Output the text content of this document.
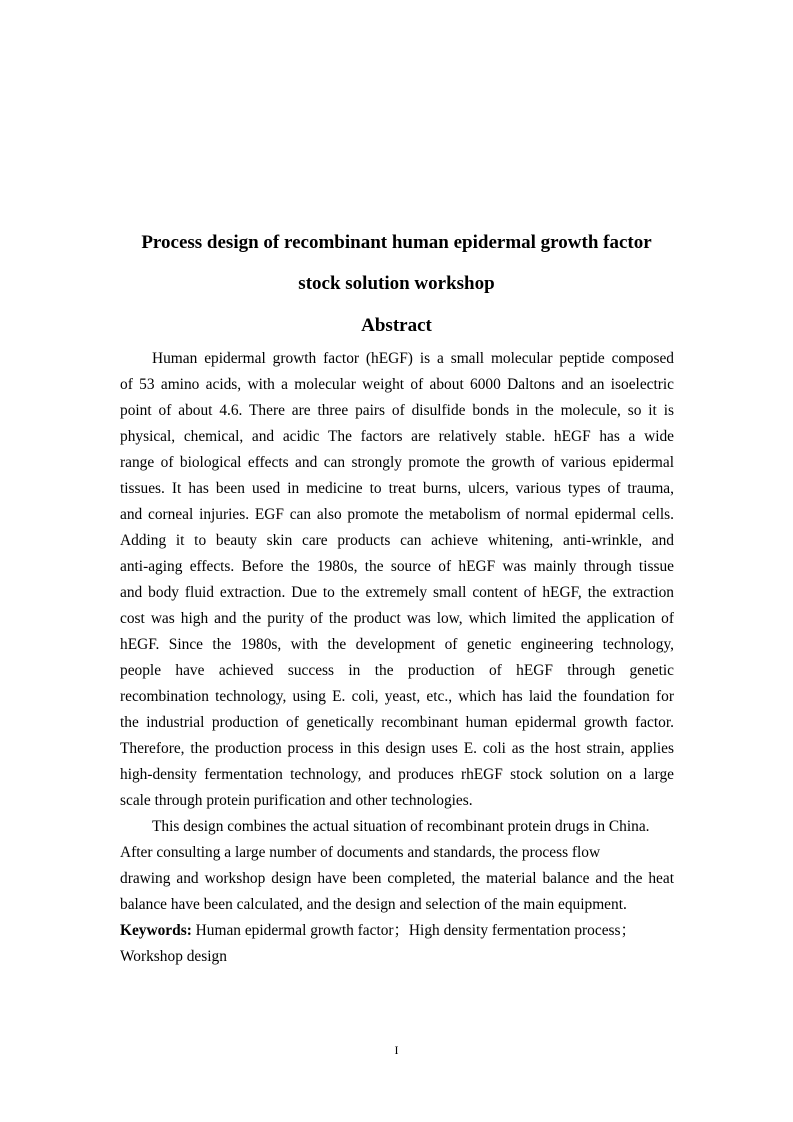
Process design of recombinant human epidermal growth factor
stock solution workshop
Abstract
Human epidermal growth factor (hEGF) is a small molecular peptide composed
of 53 amino acids, with a molecular weight of about 6000 Daltons and an isoelectric
point of about 4.6. There are three pairs of disulfide bonds in the molecule, so it is
physical, chemical, and acidic The factors are relatively stable. hEGF has a wide
range of biological effects and can strongly promote the growth of various epidermal
tissues. It has been used in medicine to treat burns, ulcers, various types of trauma,
and corneal injuries. EGF can also promote the metabolism of normal epidermal cells.
Adding it to beauty skin care products can achieve whitening, anti-wrinkle, and
anti-aging effects. Before the 1980s, the source of hEGF was mainly through tissue
and body fluid extraction. Due to the extremely small content of hEGF, the extraction
cost was high and the purity of the product was low, which limited the application of
hEGF. Since the 1980s, with the development of genetic engineering technology,
people have achieved success in the production of hEGF through genetic
recombination technology, using E. coli, yeast, etc., which has laid the foundation for
the industrial production of genetically recombinant human epidermal growth factor.
Therefore, the production process in this design uses E. coli as the host strain, applies
high-density fermentation technology, and produces rhEGF stock solution on a large
scale through protein purification and other technologies.
This design combines the actual situation of recombinant protein drugs in China.
After consulting a large number of documents and standards, the process flow
drawing and workshop design have been completed, the material balance and the heat
balance have been calculated, and the design and selection of the main equipment.
Keywords: Human epidermal growth factor；High density fermentation process；
Workshop design
I
